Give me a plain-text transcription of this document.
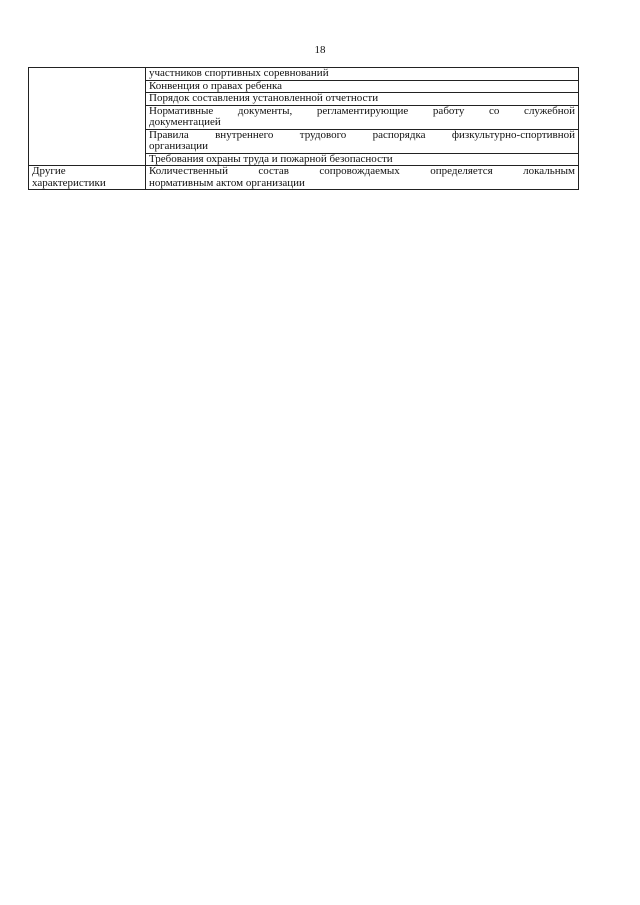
18
	участников спортивных соревнований
	Конвенция о правах ребенка
	Порядок составления установленной отчетности

	Нормативные документы, регламентирующие работу со служебной
документацией

	Правила внутреннего трудового распорядка физкультурно-спортивной
организации
	Требования охраны труда и пожарной безопасности

Другие
характеристики	Количественный состав сопровождаемых определяется локальным
нормативным актом организации
